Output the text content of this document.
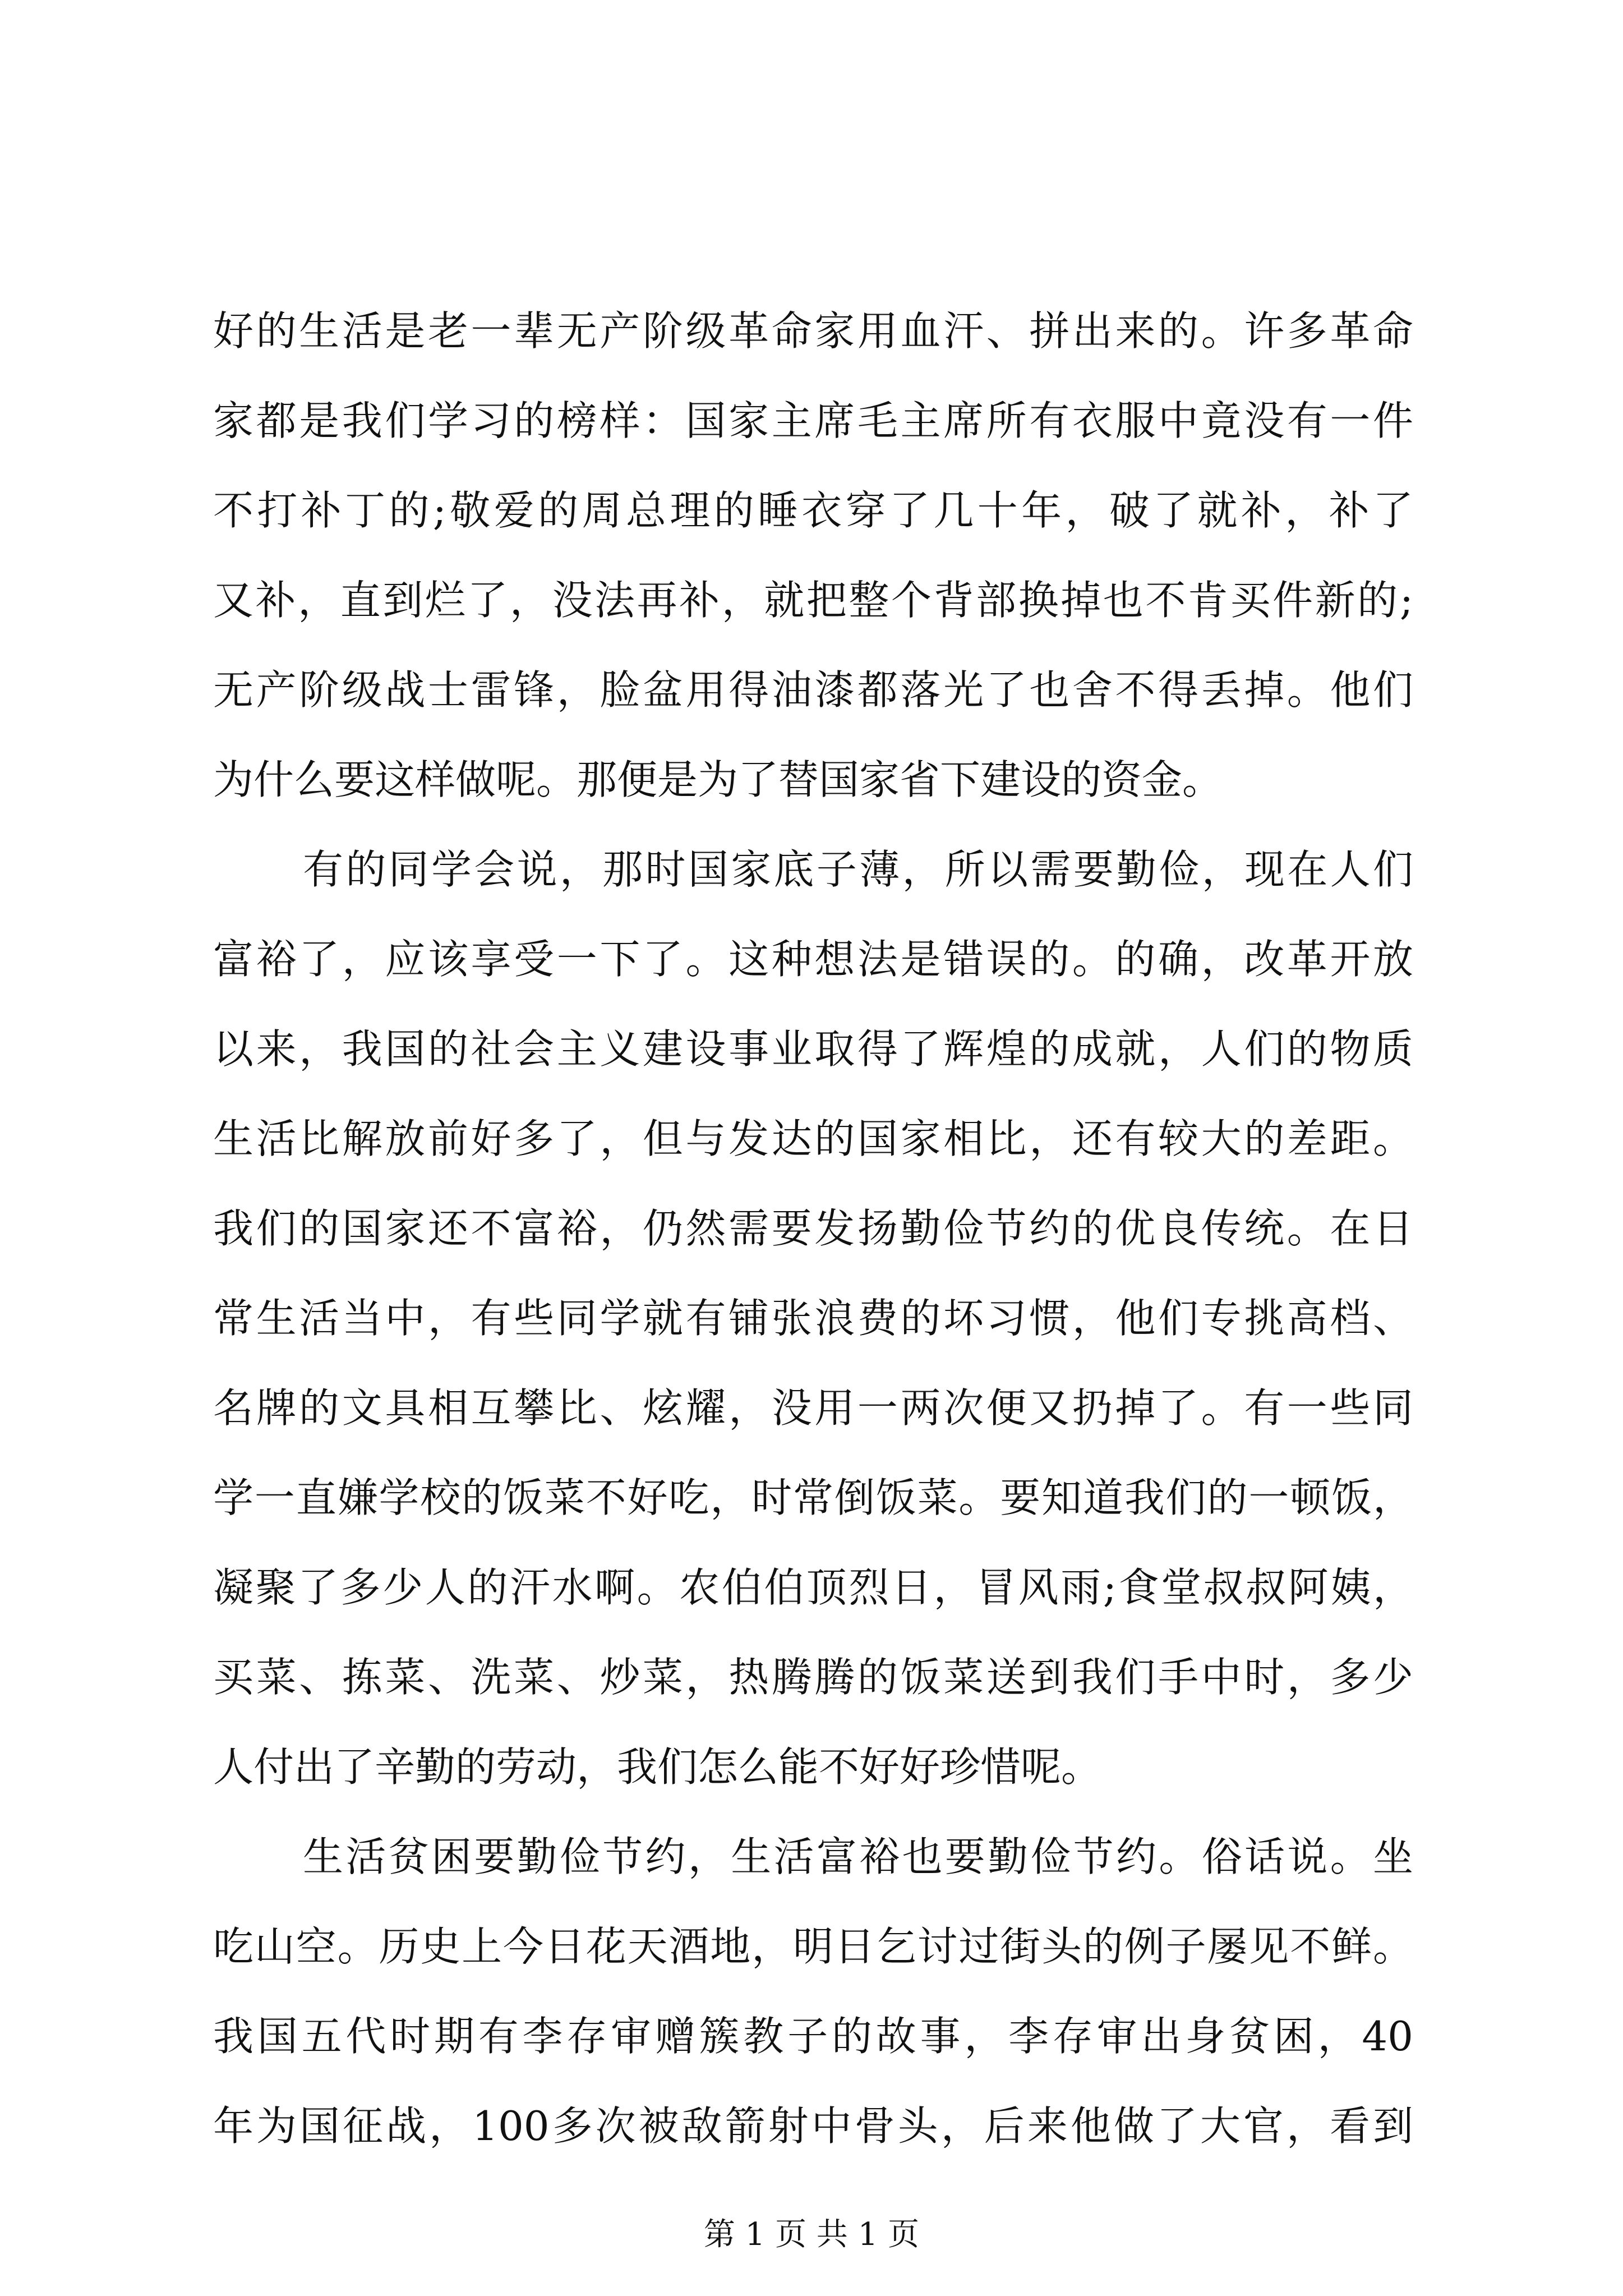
好的生活是老一辈无产阶级革命家用血汗、拼出来的。许多革命
家都是我们学习的榜样：国家主席毛主席所有衣服中竟没有一件
不打补丁的;敬爱的周总理的睡衣穿了几十年，破了就补，补了
又补，直到烂了，没法再补，就把整个背部换掉也不肯买件新的;
无产阶级战士雷锋，脸盆用得油漆都落光了也舍不得丢掉。他们
为什么要这样做呢。那便是为了替国家省下建设的资金。
有的同学会说，那时国家底子薄，所以需要勤俭，现在人们
富裕了，应该享受一下了。这种想法是错误的。的确，改革开放
以来，我国的社会主义建设事业取得了辉煌的成就，人们的物质
生活比解放前好多了，但与发达的国家相比，还有较大的差距。
我们的国家还不富裕，仍然需要发扬勤俭节约的优良传统。在日
常生活当中，有些同学就有铺张浪费的坏习惯，他们专挑高档、
名牌的文具相互攀比、炫耀，没用一两次便又扔掉了。有一些同
学一直嫌学校的饭菜不好吃，时常倒饭菜。要知道我们的一顿饭，
凝聚了多少人的汗水啊。农伯伯顶烈日，冒风雨;食堂叔叔阿姨，
买菜、拣菜、洗菜、炒菜，热腾腾的饭菜送到我们手中时，多少
人付出了辛勤的劳动，我们怎么能不好好珍惜呢。
生活贫困要勤俭节约，生活富裕也要勤俭节约。俗话说。坐
吃山空。历史上今日花天酒地，明日乞讨过街头的例子屡见不鲜。
我国五代时期有李存审赠簇教子的故事，李存审出身贫困，40
年为国征战，100多次被敌箭射中骨头，后来他做了大官，看到
第 1 页 共 1 页
